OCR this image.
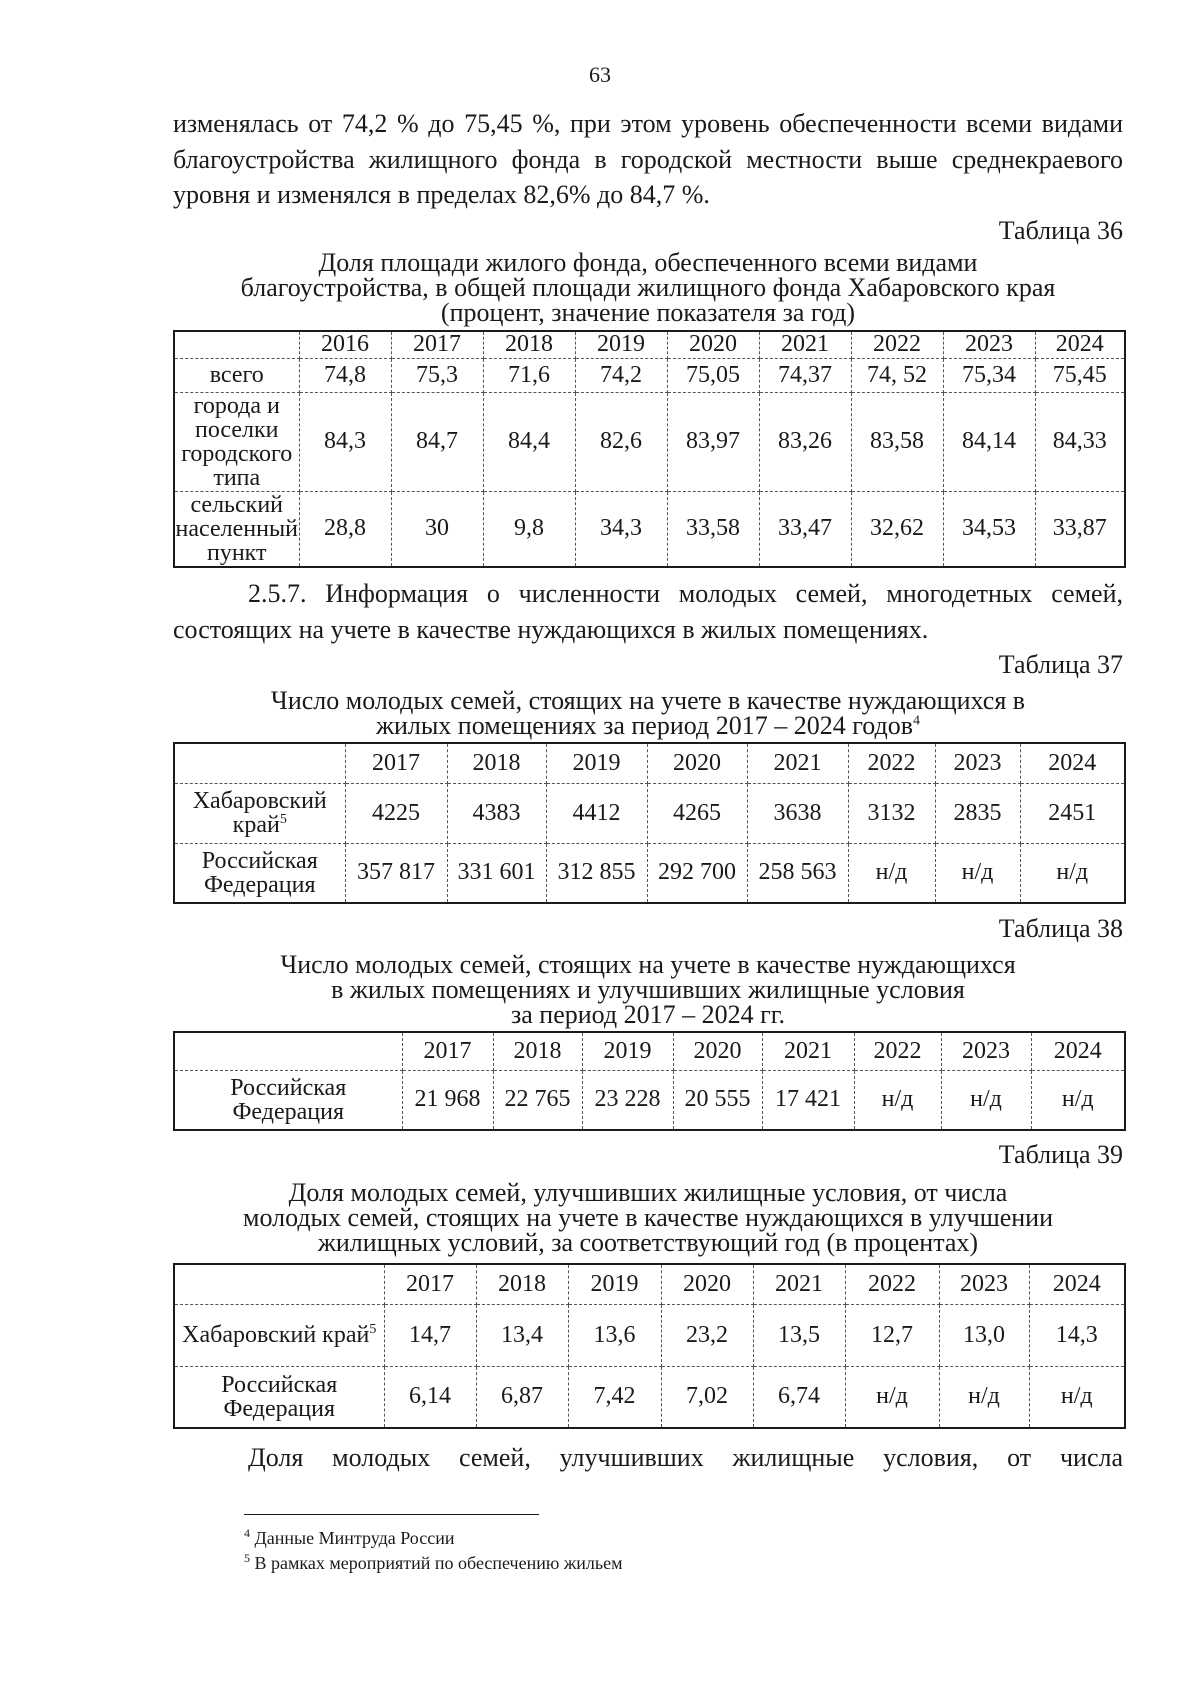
63
изменялась от 74,2 % до 75,45 %, при этом уровень обеспеченности всеми видами благоустройства жилищного фонда в городской местности выше среднекраевого уровня и изменялся в пределах 82,6% до 84,7 %.
Таблица 36
Доля площади жилого фонда, обеспеченного всеми видами
благоустройства, в общей площади жилищного фонда Хабаровского края
(процент, значение показателя за год)
	2016	2017	2018	2019	2020	2021	2022	2023	2024
всего	74,8	75,3	71,6	74,2	75,05	74,37	74, 52	75,34	75,45
города и поселки городского типа	84,3	84,7	84,4	82,6	83,97	83,26	83,58	84,14	84,33
сельский населенный пункт	28,8	30	9,8	34,3	33,58	33,47	32,62	34,53	33,87
2.5.7. Информация о численности молодых семей, многодетных семей, состоящих на учете в качестве нуждающихся в жилых помещениях.
Таблица 37
Число молодых семей, стоящих на учете в качестве нуждающихся в
жилых помещениях за период 2017 – 2024 годов$^4$
	2017	2018	2019	2020	2021	2022	2023	2024
Хабаровский край$^5$	4225	4383	4412	4265	3638	3132	2835	2451
Российская Федерация	357 817	331 601	312 855	292 700	258 563	н/д	н/д	н/д
Таблица 38
Число молодых семей, стоящих на учете в качестве нуждающихся
в жилых помещениях и улучшивших жилищные условия
за период 2017 – 2024 гг.
	2017	2018	2019	2020	2021	2022	2023	2024
Российская Федерация	21 968	22 765	23 228	20 555	17 421	н/д	н/д	н/д
Таблица 39
Доля молодых семей, улучшивших жилищные условия, от числа
молодых семей, стоящих на учете в качестве нуждающихся в улучшении
жилищных условий, за соответствующий год (в процентах)
	2017	2018	2019	2020	2021	2022	2023	2024
Хабаровский край$^5$	14,7	13,4	13,6	23,2	13,5	12,7	13,0	14,3
Российская Федерация	6,14	6,87	7,42	7,02	6,74	н/д	н/д	н/д
Доля молодых семей, улучшивших жилищные условия, от числа
$^4$ Данные Минтруда России
$^5$ В рамках мероприятий по обеспечению жильем
